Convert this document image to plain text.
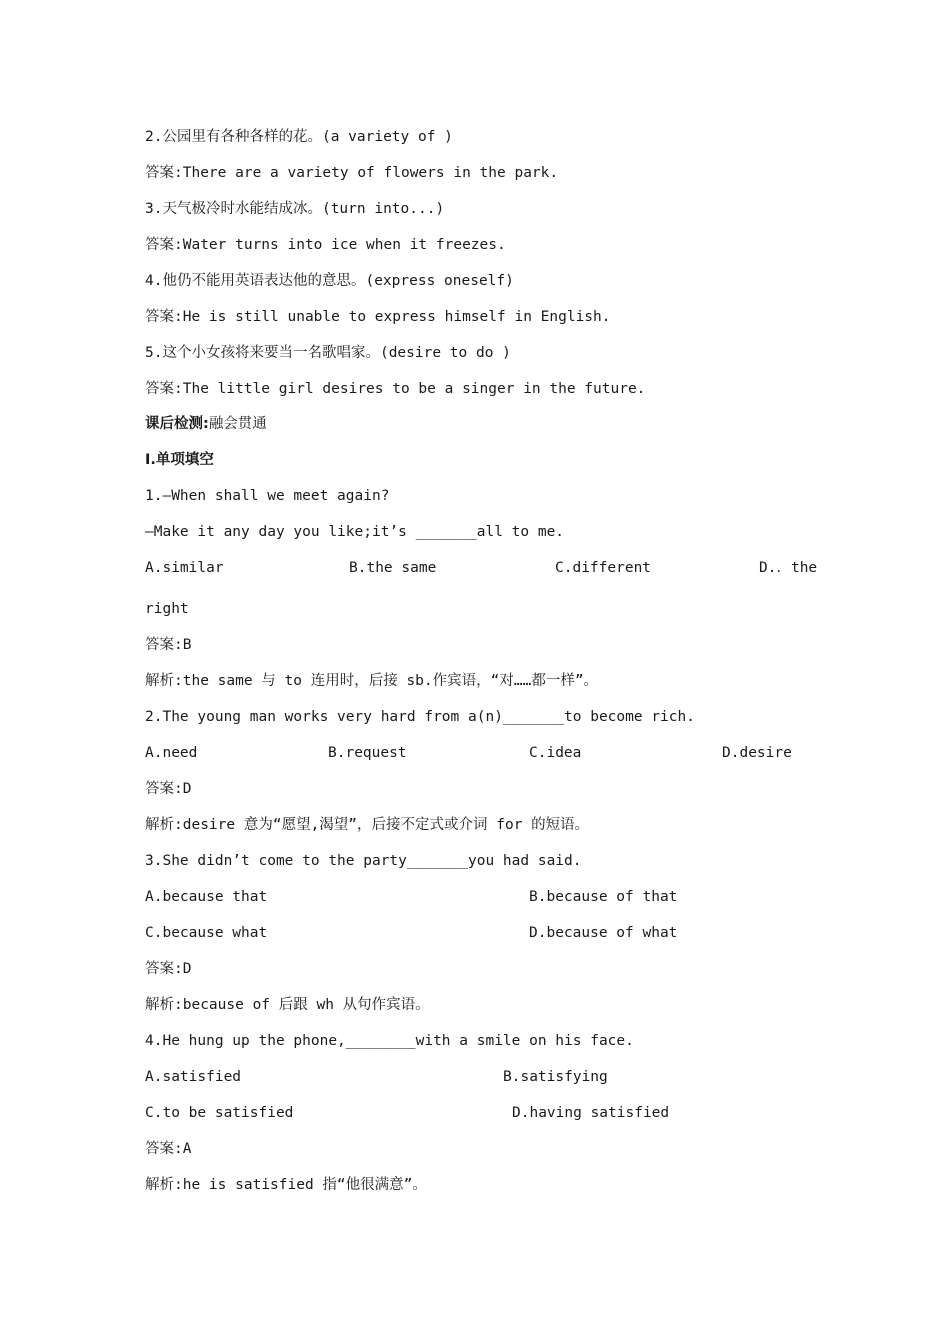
2.公园里有各种各样的花。(a variety of )
答案:There are a variety of flowers in the park.
3.天气极冷时水能结成冰。(turn into...)
答案:Water turns into ice when it freezes.
4.他仍不能用英语表达他的意思。(express oneself)
答案:He is still unable to express himself in English.
5.这个小女孩将来要当一名歌唱家。(desire to do )
答案:The little girl desires to be a singer in the future.
课后检测:融会贯通
Ⅰ.单项填空
1.—When shall we meet again?
—Make it any day you like;it’s _______all to me.
A.similar	B.the same	C.different	D.．the
right
答案:B
解析:the same 与 to 连用时，后接 sb.作宾语，“对……都一样”。
2.The young man works very hard from a(n)_______to become rich.
A.need	B.request	C.idea	D.desire
答案:D
解析:desire 意为“愿望,渴望”，后接不定式或介词 for 的短语。
3.She didn’t come to the party_______you had said.
A.because that	B.because of that
C.because what	D.because of what
答案:D
解析:because of 后跟 wh 从句作宾语。
4.He hung up the phone,________with a smile on his face.
A.satisfied	B.satisfying
C.to be satisfied	D.having satisfied
答案:A
解析:he is satisfied 指“他很满意”。
